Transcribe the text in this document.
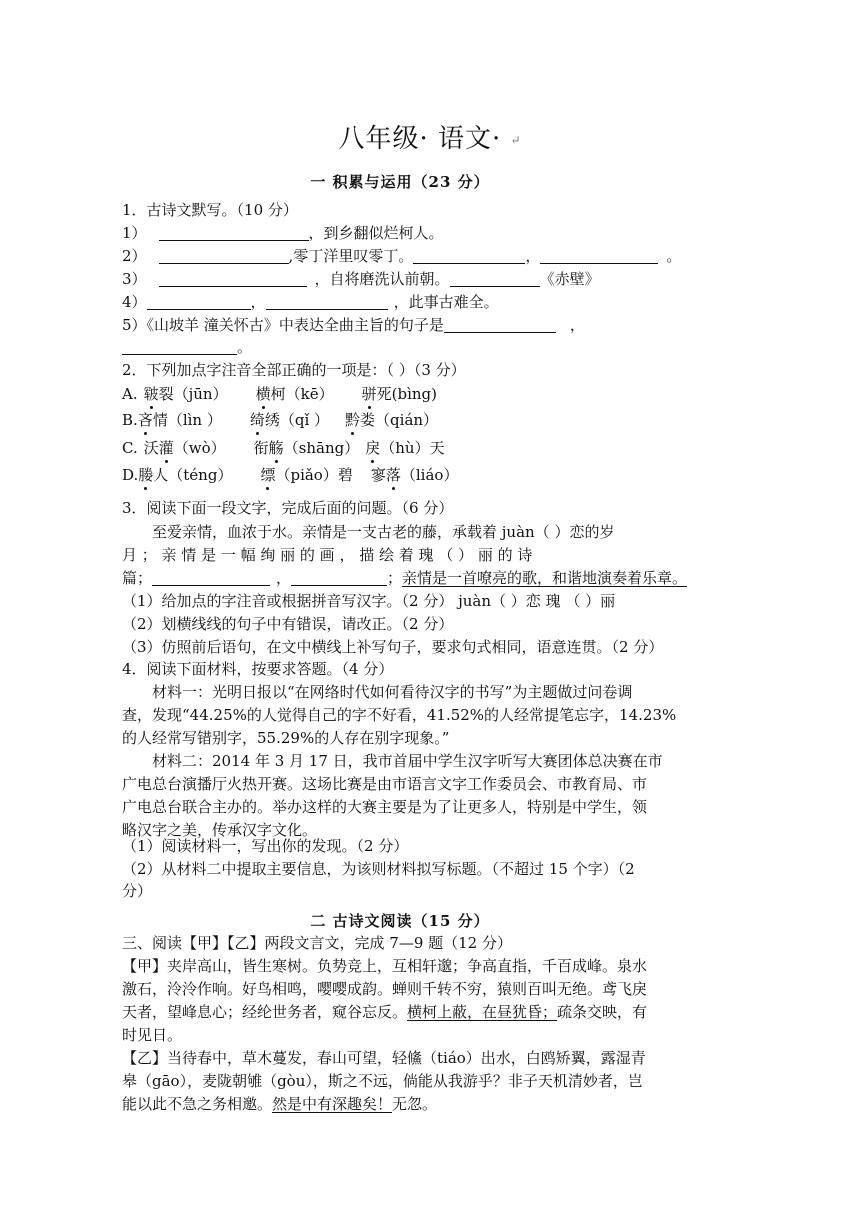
八年级· 语文· ↵
一 积累与运用（23 分）
1．古诗文默写。（10 分）
1）	，到乡翻似烂柯人。
2）	,零丁洋里叹零丁。	，	。
3）	，自将磨洗认前朝。	《赤壁》
4）	，	，此事古难全。
5）《山坡羊 潼关怀古》中表达全曲主旨的句子是	，
。
2．下列加点字注音全部正确的一项是：（ ）（3 分）
A. 皲裂（jūn） 横柯（kē） 骈死(bìng)
B.吝情（lìn ） 绮绣（qǐ ） 黔娄（qián）
C. 沃灌（wò） 衔觞（shāng） 戾（hù）天
D.媵人（téng） 缥（piǎo）碧 寥落（liáo）
3．阅读下面一段文字，完成后面的问题。（6 分）
至爱亲情，血浓于水。亲情是一支古老的藤，承载着 juàn（ ）恋的岁
月 ； 亲 情 是 一 幅 绚 丽 的 画 ， 描 绘 着 瑰 （ ） 丽 的 诗
篇；	，	；亲情是一首嘹亮的歌，和谐地演奏着乐章。
（1）给加点的字注音或根据拼音写汉字。（2 分） juàn（ ）恋 瑰 （ ）丽
（2）划横线线的句子中有错误，请改正。（2 分）
（3）仿照前后语句，在文中横线上补写句子，要求句式相同，语意连贯。（2 分）
4．阅读下面材料，按要求答题。（4 分）
材料一：光明日报以“在网络时代如何看待汉字的书写”为主题做过问卷调
查，发现“44.25%的人觉得自己的字不好看，41.52%的人经常提笔忘字，14.23%
的人经常写错别字，55.29%的人存在别字现象。”
材料二：2014 年 3 月 17 日，我市首届中学生汉字听写大赛团体总决赛在市
广电总台演播厅火热开赛。这场比赛是由市语言文字工作委员会、市教育局、市
广电总台联合主办的。举办这样的大赛主要是为了让更多人，特别是中学生，领
略汉字之美，传承汉字文化。
（1）阅读材料一，写出你的发现。（2 分）
（2）从材料二中提取主要信息，为该则材料拟写标题。（不超过 15 个字）（2
分）
二 古诗文阅读（15 分）
三、阅读【甲】【乙】两段文言文，完成 7—9 题（12 分）
【甲】夹岸高山，皆生寒树。负势竞上，互相轩邈；争高直指，千百成峰。泉水
激石，泠泠作响。好鸟相鸣，嘤嘤成韵。蝉则千转不穷，猿则百叫无绝。鸢飞戾
天者，望峰息心；经纶世务者，窥谷忘反。横柯上蔽，在昼犹昏；疏条交映，有
时见日。
【乙】当待春中，草木蔓发，春山可望，轻鯈（tiáo）出水，白鸥矫翼，露湿青
皋（gāo），麦陇朝雊（gòu），斯之不远，倘能从我游乎？非子天机清妙者，岂
能以此不急之务相邀。然是中有深趣矣！无忽。
